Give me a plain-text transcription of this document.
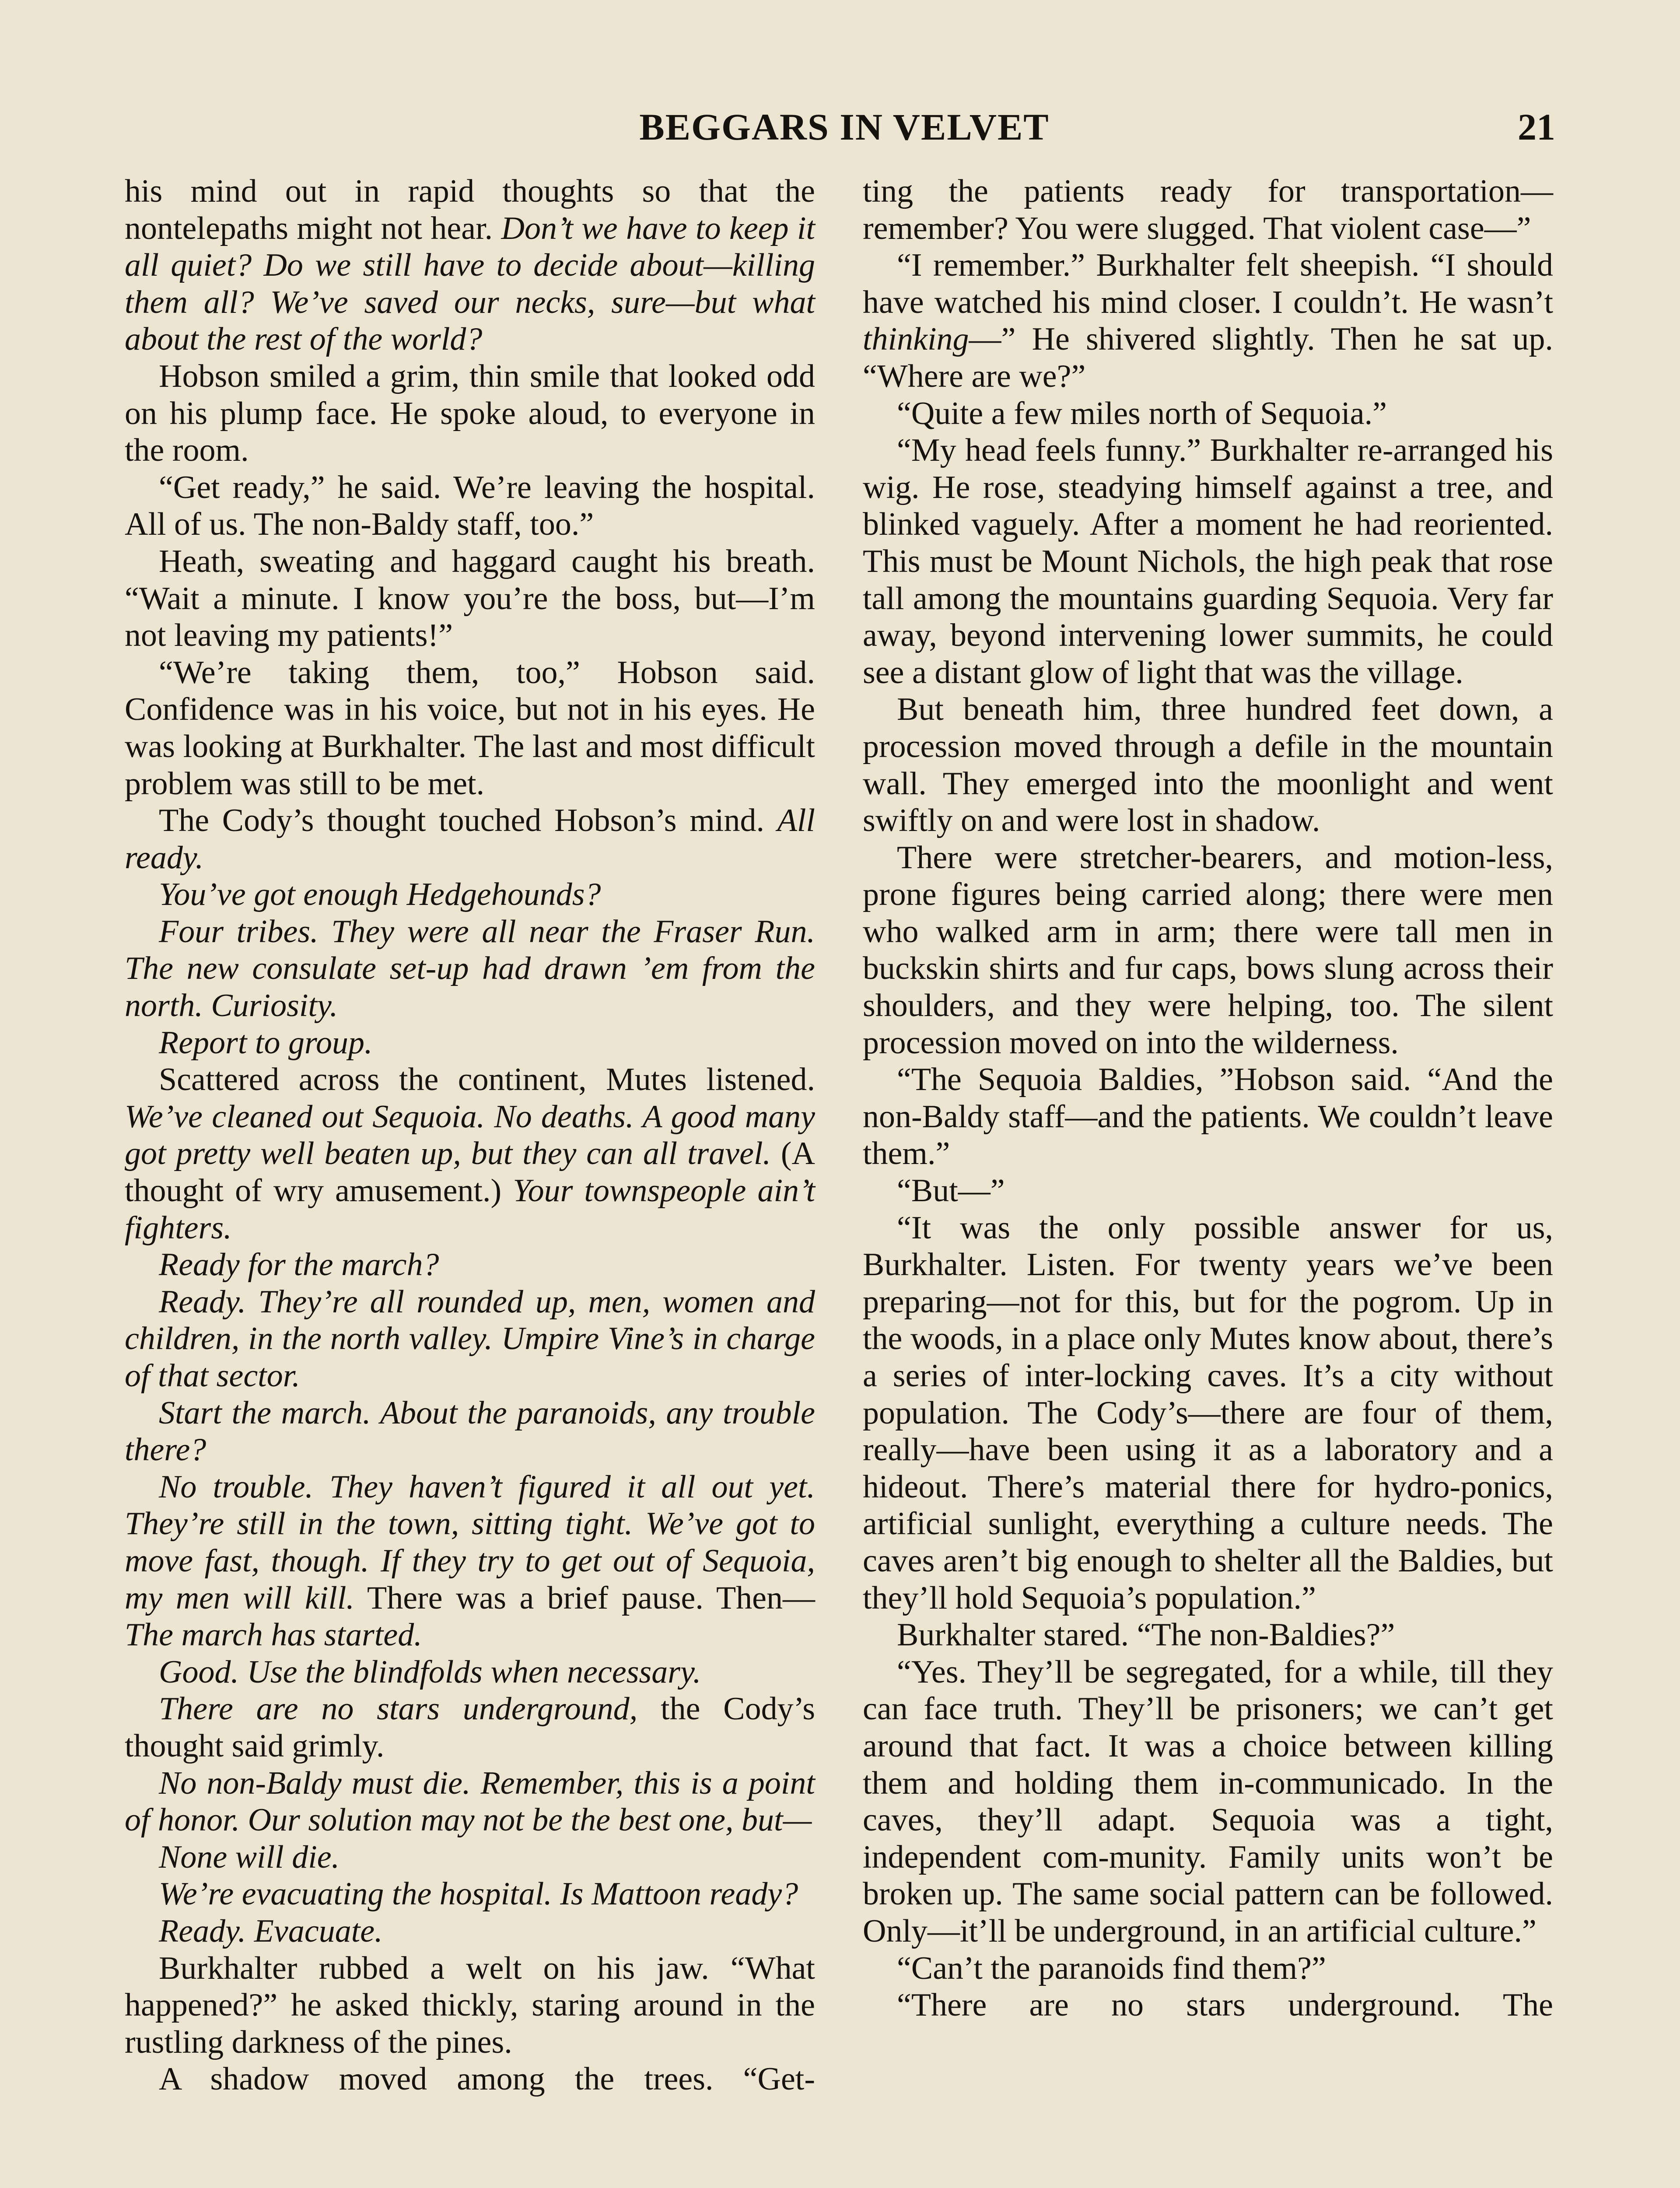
BEGGARS IN VELVET	21

his mind out in rapid thoughts so that the nontelepaths might not hear. Don’t we have to keep it all quiet? Do we still have to decide about—killing them all? We’ve saved our necks, sure—but what about the rest of the world?

Hobson smiled a grim, thin smile that looked odd on his plump face. He spoke aloud, to everyone in the room.

“Get ready,” he said. We’re leaving the hospital. All of us. The non-Baldy staff, too.”

Heath, sweating and haggard caught his breath. “Wait a minute. I know you’re the boss, but—I’m not leaving my patients!”

“We’re taking them, too,” Hobson said. Confidence was in his voice, but not in his eyes. He was looking at Burkhalter. The last and most difficult problem was still to be met.

The Cody’s thought touched Hobson’s mind. All ready.

You’ve got enough Hedgehounds?

Four tribes. They were all near the Fraser Run. The new consulate set-up had drawn ’em from the north. Curiosity.

Report to group.

Scattered across the continent, Mutes listened. We’ve cleaned out Sequoia. No deaths. A good many got pretty well beaten up, but they can all travel. (A thought of wry amusement.) Your townspeople ain’t fighters.

Ready for the march?

Ready. They’re all rounded up, men, women and children, in the north valley. Umpire Vine’s in charge of that sector.

Start the march. About the paranoids, any trouble there?

No trouble. They haven’t figured it all out yet. They’re still in the town, sitting tight. We’ve got to move fast, though. If they try to get out of Sequoia, my men will kill. There was a brief pause. Then—The march has started.

Good. Use the blindfolds when necessary.

There are no stars underground, the Cody’s thought said grimly.

No non-Baldy must die. Remember, this is a point of honor. Our solution may not be the best one, but—

None will die.

We’re evacuating the hospital. Is Mattoon ready?

Ready. Evacuate.

Burkhalter rubbed a welt on his jaw. “What happened?” he asked thickly, staring around in the rustling darkness of the pines.

A shadow moved among the trees. “Get-

ting the patients ready for transportation—remember? You were slugged. That violent case—”

“I remember.” Burkhalter felt sheepish. “I should have watched his mind closer. I couldn’t. He wasn’t thinking—” He shivered slightly. Then he sat up. “Where are we?”

“Quite a few miles north of Sequoia.”

“My head feels funny.” Burkhalter re-arranged his wig. He rose, steadying himself against a tree, and blinked vaguely. After a moment he had reoriented. This must be Mount Nichols, the high peak that rose tall among the mountains guarding Sequoia. Very far away, beyond intervening lower summits, he could see a distant glow of light that was the village.

But beneath him, three hundred feet down, a procession moved through a defile in the mountain wall. They emerged into the moonlight and went swiftly on and were lost in shadow.

There were stretcher-bearers, and motion-less, prone figures being carried along; there were men who walked arm in arm; there were tall men in buckskin shirts and fur caps, bows slung across their shoulders, and they were helping, too. The silent procession moved on into the wilderness.

“The Sequoia Baldies, ”Hobson said. “And the non-Baldy staff—and the patients. We couldn’t leave them.”

“But—”

“It was the only possible answer for us, Burkhalter. Listen. For twenty years we’ve been preparing—not for this, but for the pogrom. Up in the woods, in a place only Mutes know about, there’s a series of inter-locking caves. It’s a city without population. The Cody’s—there are four of them, really—have been using it as a laboratory and a hideout. There’s material there for hydro-ponics, artificial sunlight, everything a culture needs. The caves aren’t big enough to shelter all the Baldies, but they’ll hold Sequoia’s population.”

Burkhalter stared. “The non-Baldies?”

“Yes. They’ll be segregated, for a while, till they can face truth. They’ll be prisoners; we can’t get around that fact. It was a choice between killing them and holding them in-communicado. In the caves, they’ll adapt. Sequoia was a tight, independent com-munity. Family units won’t be broken up. The same social pattern can be followed. Only—it’ll be underground, in an artificial culture.”

“Can’t the paranoids find them?”

“There are no stars underground. The
